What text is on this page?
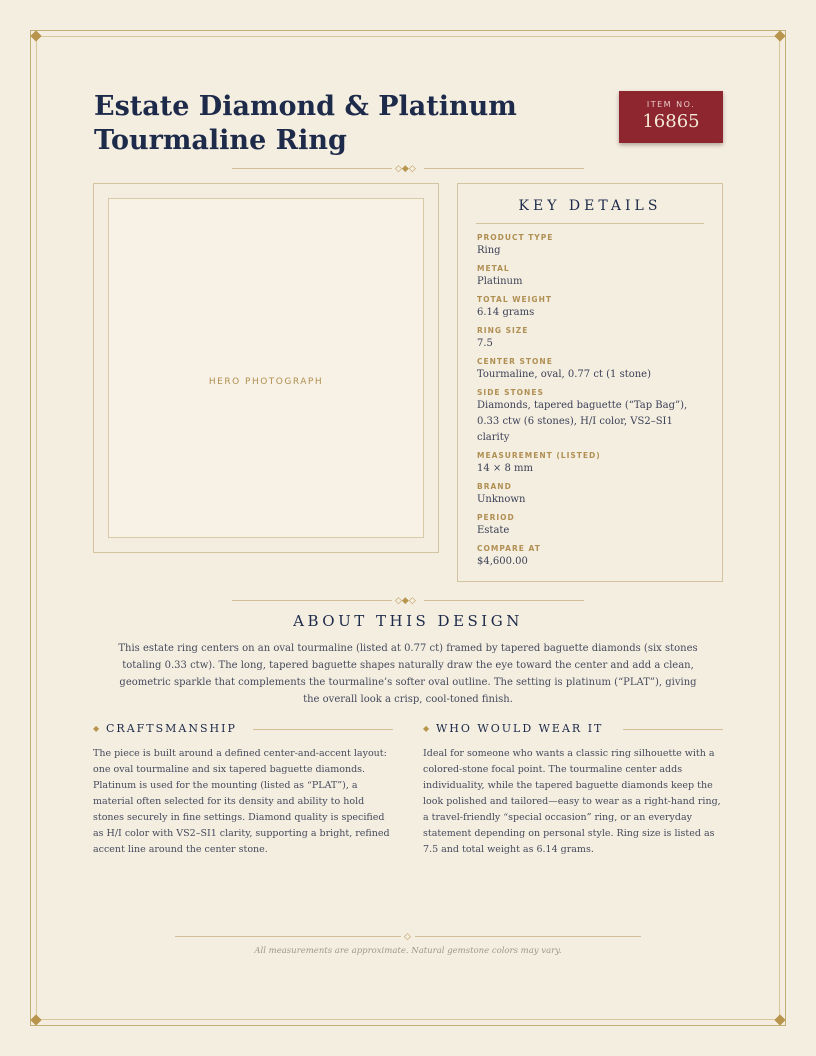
Estate Diamond & Platinum Tourmaline Ring
ITEM NO.
16865
◇◆◇
HERO PHOTOGRAPH
KEY DETAILS
PRODUCT TYPE
Ring
METAL
Platinum
TOTAL WEIGHT
6.14 grams
RING SIZE
7.5
CENTER STONE
Tourmaline, oval, 0.77 ct (1 stone)
SIDE STONES
Diamonds, tapered baguette (“Tap Bag”), 0.33 ctw (6 stones), H/I color, VS2–SI1 clarity
MEASUREMENT (LISTED)
14 × 8 mm
BRAND
Unknown
PERIOD
Estate
COMPARE AT
$4,600.00
◇◆◇
ABOUT THIS DESIGN

This estate ring centers on an oval tourmaline (listed at 0.77 ct) framed by tapered baguette diamonds (six stones totaling 0.33 ctw). The long, tapered baguette shapes naturally draw the eye toward the center and add a clean, geometric sparkle that complements the tourmaline’s softer oval outline. The setting is platinum (“PLAT”), giving the overall look a crisp, cool-toned finish.

◆ CRAFTSMANSHIP

The piece is built around a defined center-and-accent layout: one oval tourmaline and six tapered baguette diamonds. Platinum is used for the mounting (listed as “PLAT”), a material often selected for its density and ability to hold stones securely in fine settings. Diamond quality is specified as H/I color with VS2–SI1 clarity, supporting a bright, refined accent line around the center stone.

◆ WHO WOULD WEAR IT

Ideal for someone who wants a classic ring silhouette with a colored-stone focal point. The tourmaline center adds individuality, while the tapered baguette diamonds keep the look polished and tailored—easy to wear as a right-hand ring, a travel-friendly “special occasion” ring, or an everyday statement depending on personal style. Ring size is listed as 7.5 and total weight as 6.14 grams.

◇

All measurements are approximate. Natural gemstone colors may vary.
